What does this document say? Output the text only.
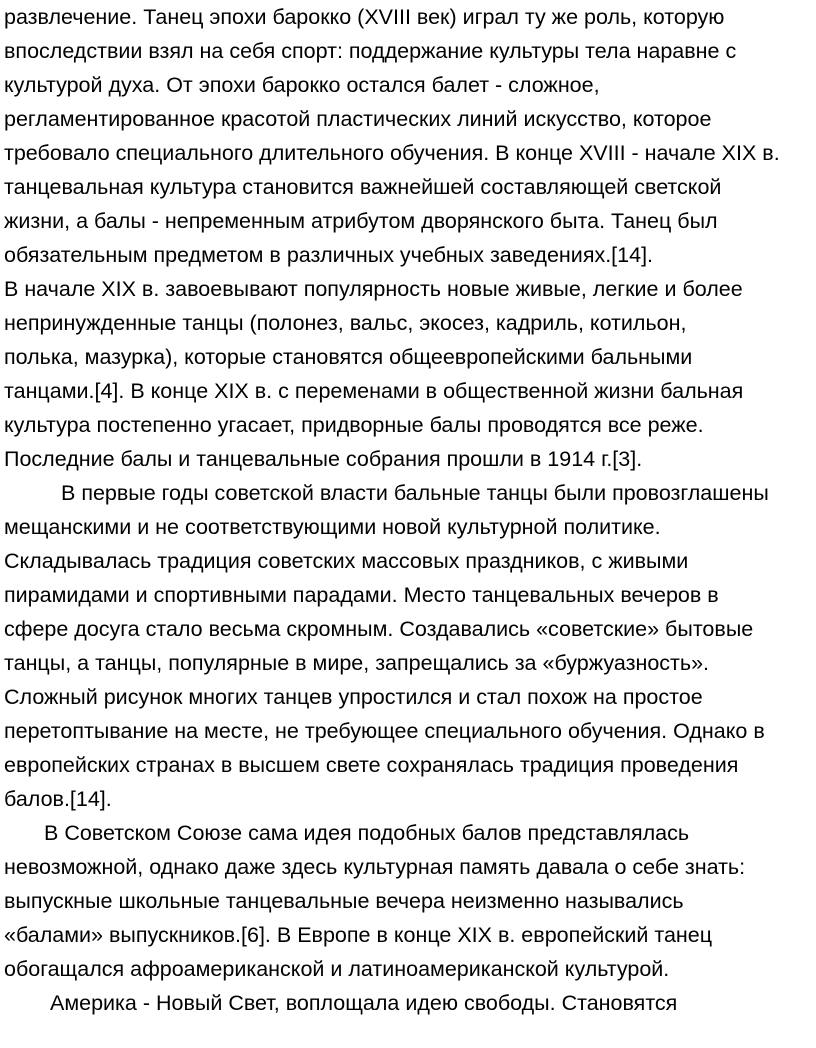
развлечение. Танец эпохи барокко (XVIII век) играл ту же роль, которую
впоследствии взял на себя спорт: поддержание культуры тела наравне с
культурой духа. От эпохи барокко остался балет - сложное,
регламентированное красотой пластических линий искусство, которое
требовало специального длительного обучения. В конце XVIII - начале XIX в.
танцевальная культура становится важнейшей составляющей светской
жизни, а балы - непременным атрибутом дворянского быта. Танец был
обязательным предметом в различных учебных заведениях.[14].
В начале XIX в. завоевывают популярность новые живые, легкие и более
непринужденные танцы (полонез, вальс, экосез, кадриль, котильон,
полька, мазурка), которые становятся общеевропейскими бальными
танцами.[4]. В конце XIX в. с переменами в общественной жизни бальная
культура постепенно угасает, придворные балы проводятся все реже.
Последние балы и танцевальные собрания прошли в 1914 г.[3].
В первые годы советской власти бальные танцы были провозглашены
мещанскими и не соответствующими новой культурной политике.
Складывалась традиция советских массовых праздников, с живыми
пирамидами и спортивными парадами. Место танцевальных вечеров в
сфере досуга стало весьма скромным. Создавались «советские» бытовые
танцы, а танцы, популярные в мире, запрещались за «буржуазность».
Сложный рисунок многих танцев упростился и стал похож на простое
перетоптывание на месте, не требующее специального обучения. Однако в
европейских странах в высшем свете сохранялась традиция проведения
балов.[14].
В Советском Союзе сама идея подобных балов представлялась
невозможной, однако даже здесь культурная память давала о себе знать:
выпускные школьные танцевальные вечера неизменно назывались
«балами» выпускников.[6]. В Европе в конце XIX в. европейский танец
обогащался афроамериканской и латиноамериканской культурой.
Америка - Новый Свет, воплощала идею свободы. Становятся
